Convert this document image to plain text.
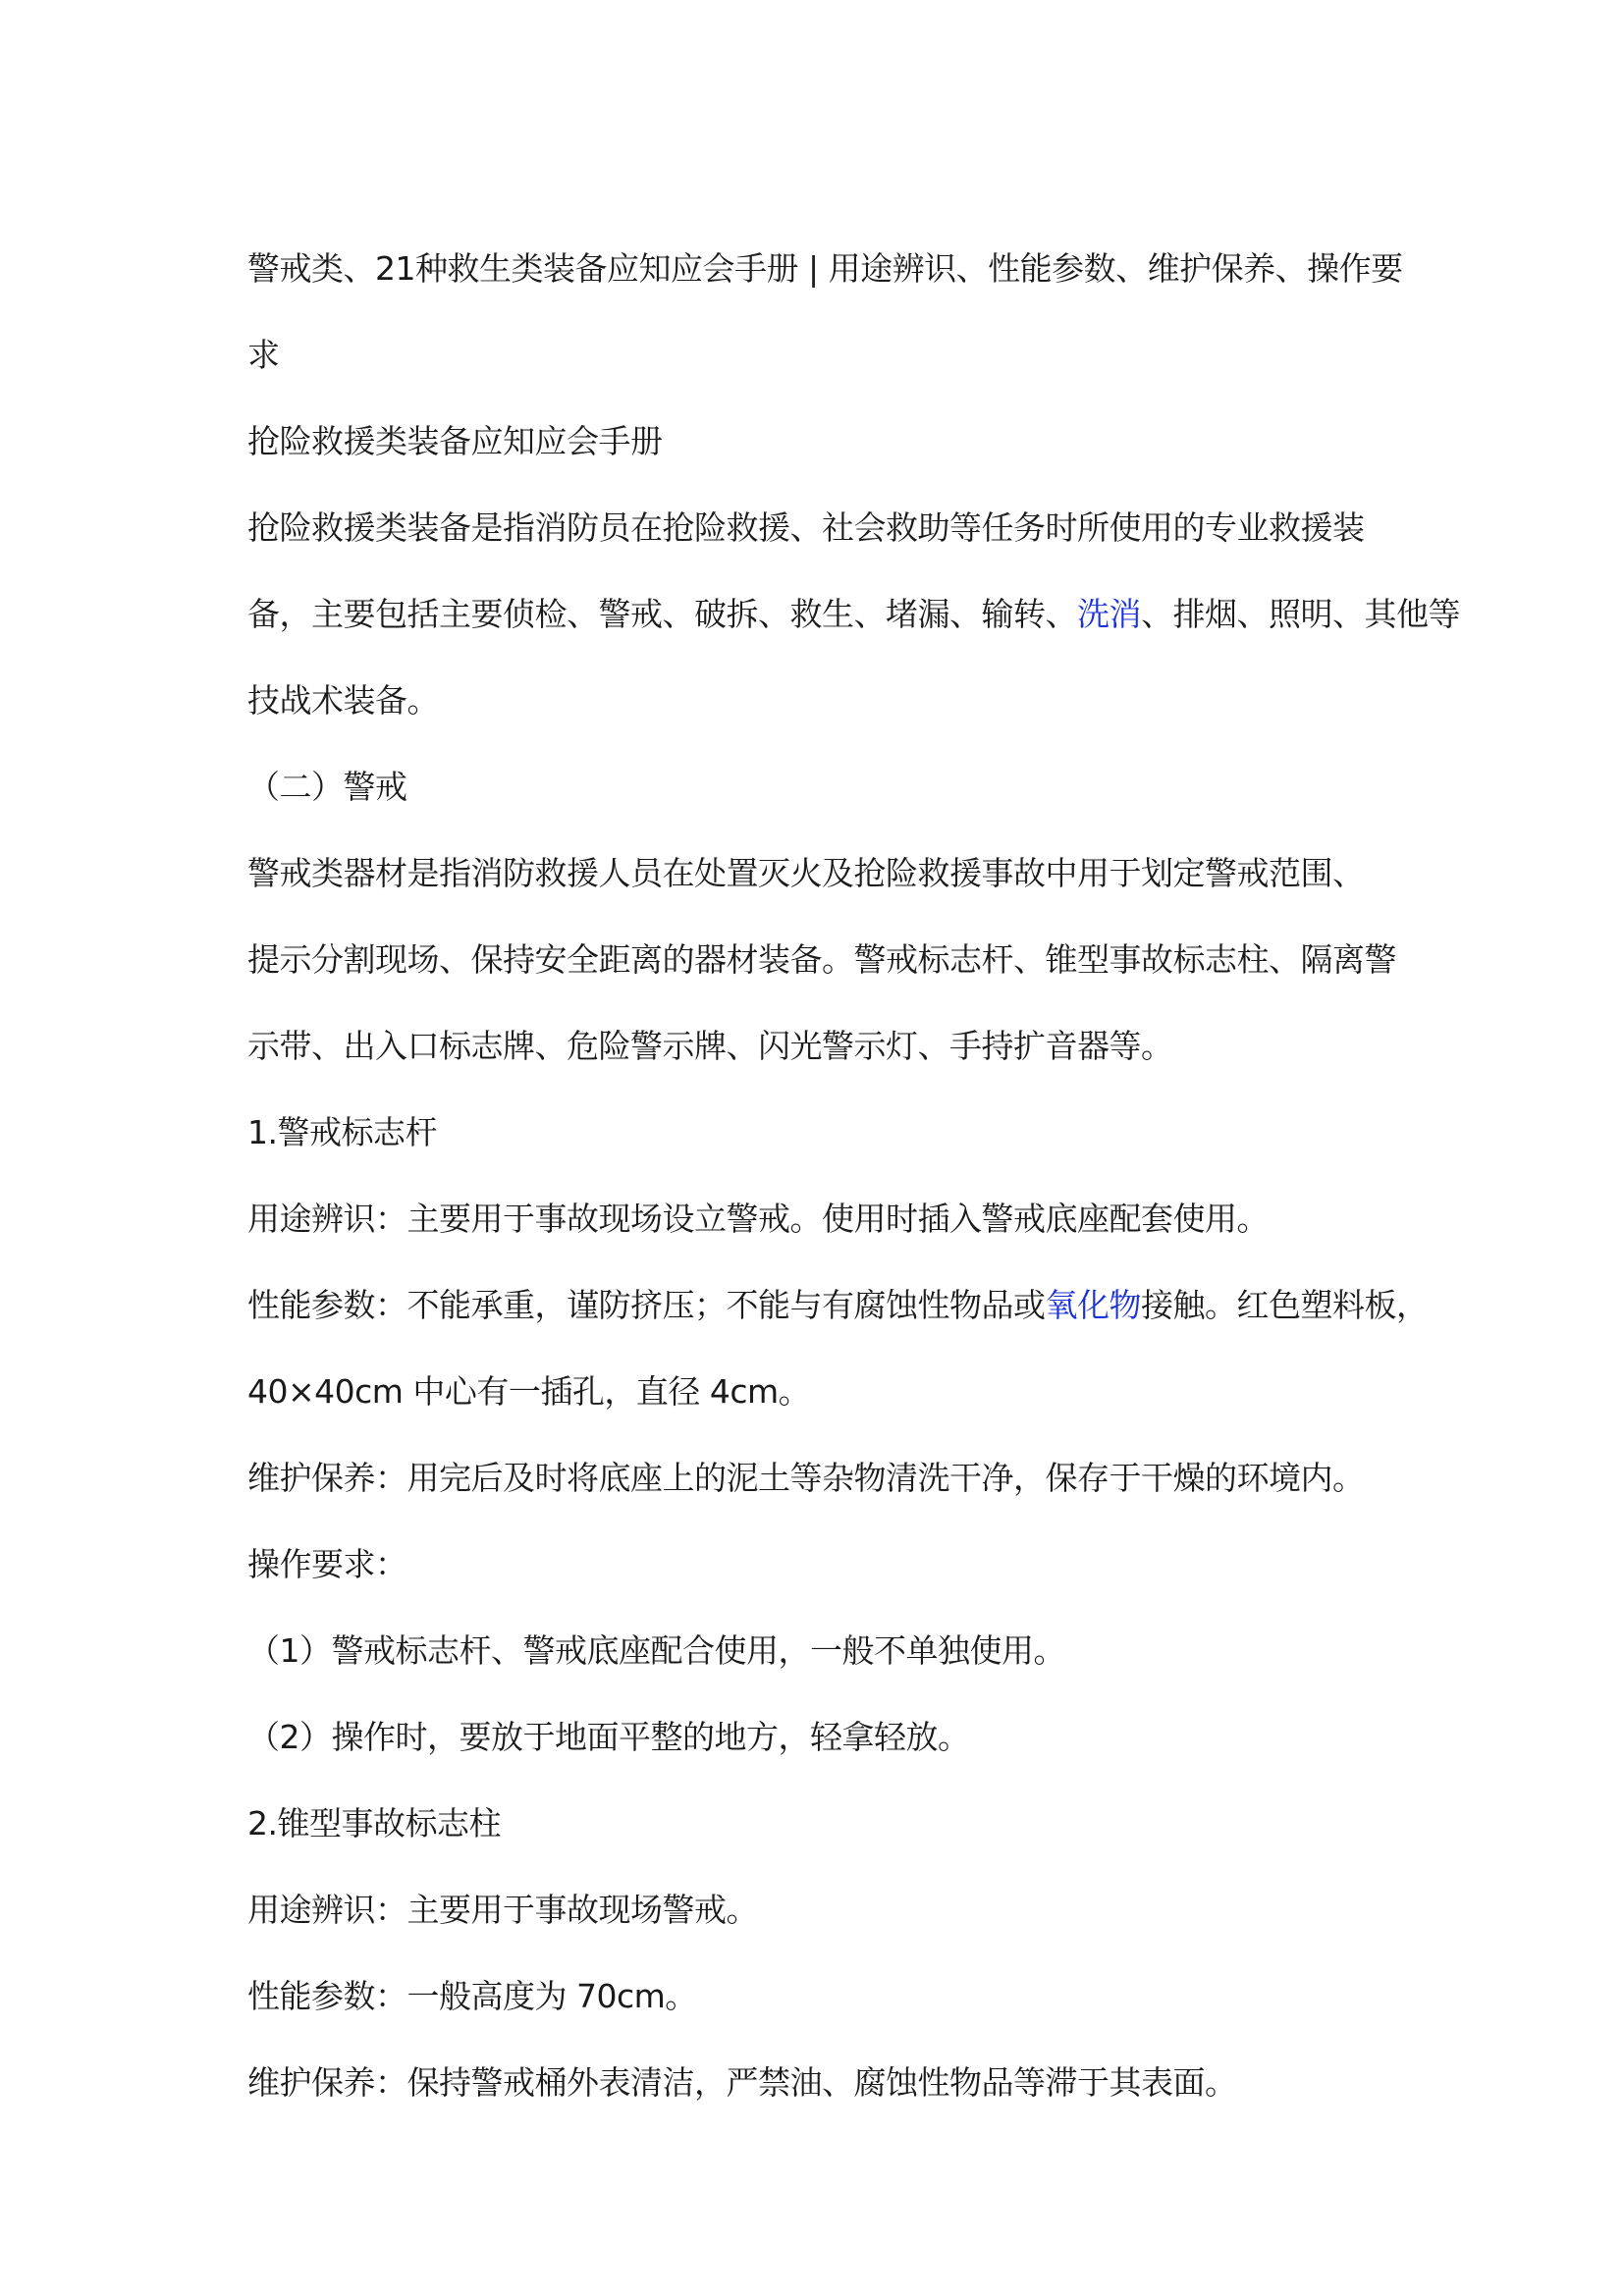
警戒类、21种救生类装备应知应会手册 | 用途辨识、性能参数、维护保养、操作要
求
抢险救援类装备应知应会手册
抢险救援类装备是指消防员在抢险救援、社会救助等任务时所使用的专业救援装
备，主要包括主要侦检、警戒、破拆、救生、堵漏、输转、洗消、排烟、照明、其他等
技战术装备。
（二）警戒
警戒类器材是指消防救援人员在处置灭火及抢险救援事故中用于划定警戒范围、
提示分割现场、保持安全距离的器材装备。警戒标志杆、锥型事故标志柱、隔离警
示带、出入口标志牌、危险警示牌、闪光警示灯、手持扩音器等。
1.警戒标志杆
用途辨识：主要用于事故现场设立警戒。使用时插入警戒底座配套使用。
性能参数：不能承重，谨防挤压；不能与有腐蚀性物品或氧化物接触。红色塑料板，
40×40cm 中心有一插孔，直径 4cm。
维护保养：用完后及时将底座上的泥土等杂物清洗干净，保存于干燥的环境内。
操作要求：
（1）警戒标志杆、警戒底座配合使用，一般不单独使用。
（2）操作时，要放于地面平整的地方，轻拿轻放。
2.锥型事故标志柱
用途辨识：主要用于事故现场警戒。
性能参数：一般高度为 70cm。
维护保养：保持警戒桶外表清洁，严禁油、腐蚀性物品等滞于其表面。
